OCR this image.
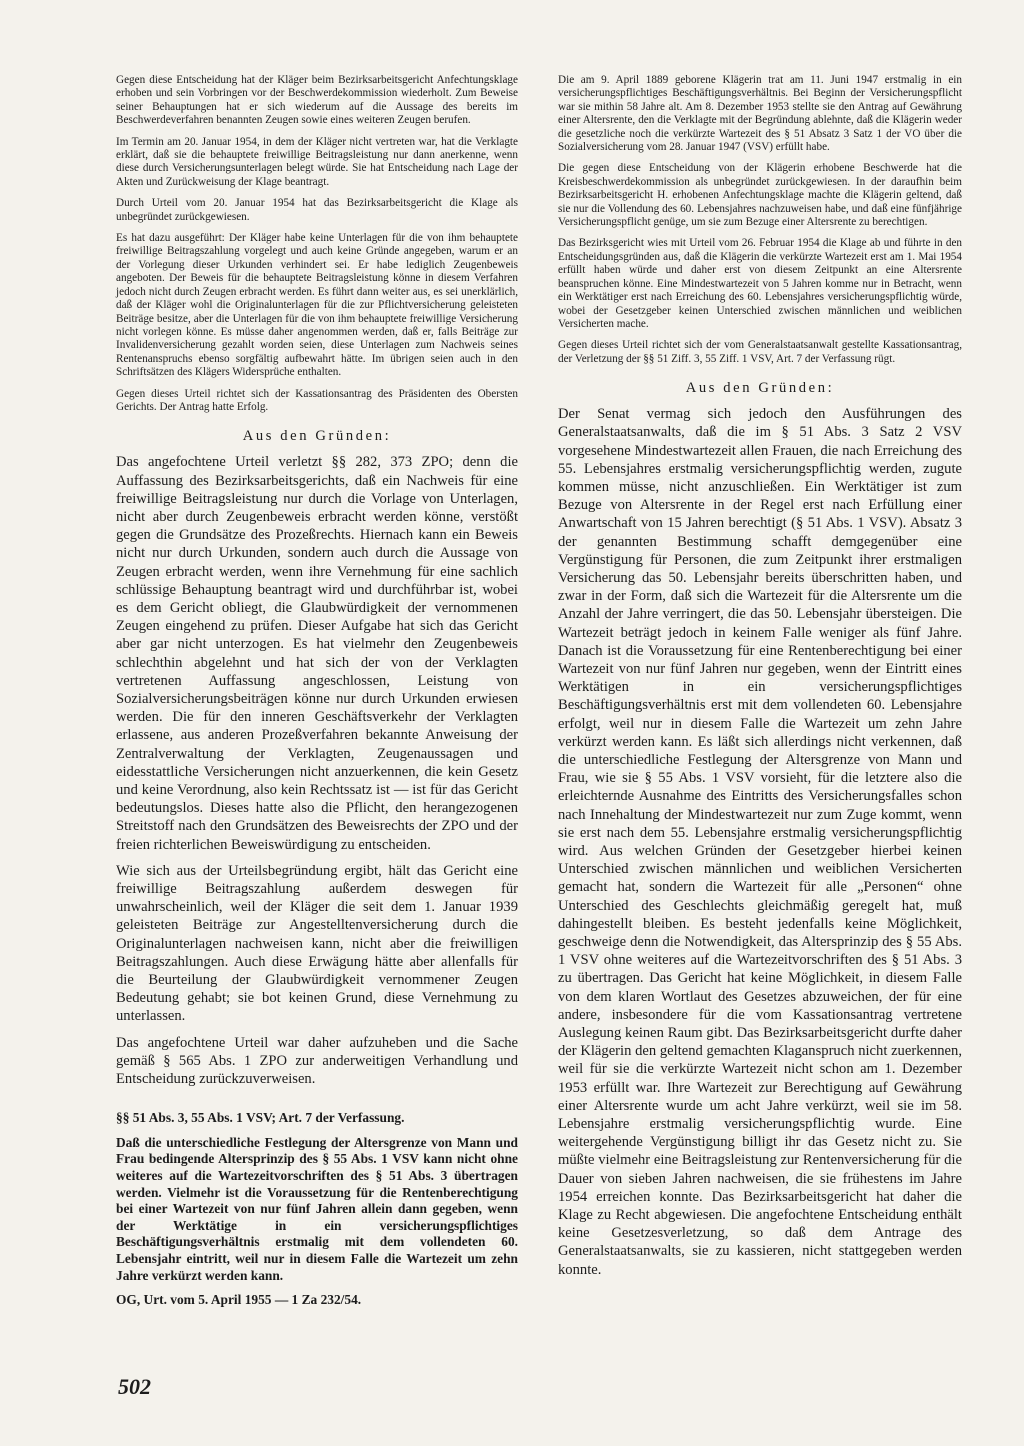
Gegen diese Entscheidung hat der Kläger beim Bezirksarbeitsgericht Anfechtungsklage erhoben und sein Vorbringen vor der Beschwerdekommission wiederholt. Zum Beweise seiner Behauptungen hat er sich wiederum auf die Aussage des bereits im Beschwerdeverfahren benannten Zeugen sowie eines weiteren Zeugen berufen.

Im Termin am 20. Januar 1954, in dem der Kläger nicht vertreten war, hat die Verklagte erklärt, daß sie die behauptete freiwillige Beitragsleistung nur dann anerkenne, wenn diese durch Versicherungsunterlagen belegt würde. Sie hat Entscheidung nach Lage der Akten und Zurückweisung der Klage beantragt.

Durch Urteil vom 20. Januar 1954 hat das Bezirksarbeitsgericht die Klage als unbegründet zurückgewiesen.

Es hat dazu ausgeführt: Der Kläger habe keine Unterlagen für die von ihm behauptete freiwillige Beitragszahlung vorgelegt und auch keine Gründe angegeben, warum er an der Vorlegung dieser Urkunden verhindert sei. Er habe lediglich Zeugenbeweis angeboten. Der Beweis für die behauptete Beitragsleistung könne in diesem Verfahren jedoch nicht durch Zeugen erbracht werden. Es führt dann weiter aus, es sei unerklärlich, daß der Kläger wohl die Originalunterlagen für die zur Pflichtversicherung geleisteten Beiträge besitze, aber die Unterlagen für die von ihm behauptete freiwillige Versicherung nicht vorlegen könne. Es müsse daher angenommen werden, daß er, falls Beiträge zur Invalidenversicherung gezahlt worden seien, diese Unterlagen zum Nachweis seines Rentenanspruchs ebenso sorgfältig aufbewahrt hätte. Im übrigen seien auch in den Schriftsätzen des Klägers Widersprüche enthalten.

Gegen dieses Urteil richtet sich der Kassationsantrag des Präsidenten des Obersten Gerichts. Der Antrag hatte Erfolg.

Aus den Gründen:

Das angefochtene Urteil verletzt §§ 282, 373 ZPO; denn die Auffassung des Bezirksarbeitsgerichts, daß ein Nachweis für eine freiwillige Beitragsleistung nur durch die Vorlage von Unterlagen, nicht aber durch Zeugenbeweis erbracht werden könne, verstößt gegen die Grundsätze des Prozeßrechts. Hiernach kann ein Beweis nicht nur durch Urkunden, sondern auch durch die Aussage von Zeugen erbracht werden, wenn ihre Vernehmung für eine sachlich schlüssige Behauptung beantragt wird und durchführbar ist, wobei es dem Gericht obliegt, die Glaubwürdigkeit der vernommenen Zeugen eingehend zu prüfen. Dieser Aufgabe hat sich das Gericht aber gar nicht unterzogen. Es hat vielmehr den Zeugenbeweis schlechthin abgelehnt und hat sich der von der Verklagten vertretenen Auffassung angeschlossen, Leistung von Sozialversicherungsbeiträgen könne nur durch Urkunden erwiesen werden. Die für den inneren Geschäftsverkehr der Verklagten erlassene, aus anderen Prozeßverfahren bekannte Anweisung der Zentralverwaltung der Verklagten, Zeugenaussagen und eidesstattliche Versicherungen nicht anzuerkennen, die kein Gesetz und keine Verordnung, also kein Rechtssatz ist — ist für das Gericht bedeutungslos. Dieses hatte also die Pflicht, den herangezogenen Streitstoff nach den Grundsätzen des Beweisrechts der ZPO und der freien richterlichen Beweiswürdigung zu entscheiden.

Wie sich aus der Urteilsbegründung ergibt, hält das Gericht eine freiwillige Beitragszahlung außerdem deswegen für unwahrscheinlich, weil der Kläger die seit dem 1. Januar 1939 geleisteten Beiträge zur Angestelltenversicherung durch die Originalunterlagen nachweisen kann, nicht aber die freiwilligen Beitragszahlungen. Auch diese Erwägung hätte aber allenfalls für die Beurteilung der Glaubwürdigkeit vernommener Zeugen Bedeutung gehabt; sie bot keinen Grund, diese Vernehmung zu unterlassen.

Das angefochtene Urteil war daher aufzuheben und die Sache gemäß § 565 Abs. 1 ZPO zur anderweitigen Verhandlung und Entscheidung zurückzuverweisen.

§§ 51 Abs. 3, 55 Abs. 1 VSV; Art. 7 der Verfassung.

Daß die unterschiedliche Festlegung der Altersgrenze von Mann und Frau bedingende Altersprinzip des § 55 Abs. 1 VSV kann nicht ohne weiteres auf die Wartezeitvorschriften des § 51 Abs. 3 übertragen werden. Vielmehr ist die Voraussetzung für die Rentenberechtigung bei einer Wartezeit von nur fünf Jahren allein dann gegeben, wenn der Werktätige in ein versicherungspflichtiges Beschäftigungsverhältnis erstmalig mit dem vollendeten 60. Lebensjahr eintritt, weil nur in diesem Falle die Wartezeit um zehn Jahre verkürzt werden kann.

OG, Urt. vom 5. April 1955 — 1 Za 232/54.

Die am 9. April 1889 geborene Klägerin trat am 11. Juni 1947 erstmalig in ein versicherungspflichtiges Beschäftigungsverhältnis. Bei Beginn der Versicherungspflicht war sie mithin 58 Jahre alt. Am 8. Dezember 1953 stellte sie den Antrag auf Gewährung einer Altersrente, den die Verklagte mit der Begründung ablehnte, daß die Klägerin weder die gesetzliche noch die verkürzte Wartezeit des § 51 Absatz 3 Satz 1 der VO über die Sozialversicherung vom 28. Januar 1947 (VSV) erfüllt habe.

Die gegen diese Entscheidung von der Klägerin erhobene Beschwerde hat die Kreisbeschwerdekommission als unbegründet zurückgewiesen. In der daraufhin beim Bezirksarbeitsgericht H. erhobenen Anfechtungsklage machte die Klägerin geltend, daß sie nur die Vollendung des 60. Lebensjahres nachzuweisen habe, und daß eine fünfjährige Versicherungspflicht genüge, um sie zum Bezuge einer Altersrente zu berechtigen.

Das Bezirksgericht wies mit Urteil vom 26. Februar 1954 die Klage ab und führte in den Entscheidungsgründen aus, daß die Klägerin die verkürzte Wartezeit erst am 1. Mai 1954 erfüllt haben würde und daher erst von diesem Zeitpunkt an eine Altersrente beanspruchen könne. Eine Mindestwartezeit von 5 Jahren komme nur in Betracht, wenn ein Werktätiger erst nach Erreichung des 60. Lebensjahres versicherungspflichtig würde, wobei der Gesetzgeber keinen Unterschied zwischen männlichen und weiblichen Versicherten mache.

Gegen dieses Urteil richtet sich der vom Generalstaatsanwalt gestellte Kassationsantrag, der Verletzung der §§ 51 Ziff. 3, 55 Ziff. 1 VSV, Art. 7 der Verfassung rügt.

Aus den Gründen:

Der Senat vermag sich jedoch den Ausführungen des Generalstaatsanwalts, daß die im § 51 Abs. 3 Satz 2 VSV vorgesehene Mindestwartezeit allen Frauen, die nach Erreichung des 55. Lebensjahres erstmalig versicherungspflichtig werden, zugute kommen müsse, nicht anzuschließen. Ein Werktätiger ist zum Bezuge von Altersrente in der Regel erst nach Erfüllung einer Anwartschaft von 15 Jahren berechtigt (§ 51 Abs. 1 VSV). Absatz 3 der genannten Bestimmung schafft demgegenüber eine Vergünstigung für Personen, die zum Zeitpunkt ihrer erstmaligen Versicherung das 50. Lebensjahr bereits überschritten haben, und zwar in der Form, daß sich die Wartezeit für die Altersrente um die Anzahl der Jahre verringert, die das 50. Lebensjahr übersteigen. Die Wartezeit beträgt jedoch in keinem Falle weniger als fünf Jahre. Danach ist die Voraussetzung für eine Rentenberechtigung bei einer Wartezeit von nur fünf Jahren nur gegeben, wenn der Eintritt eines Werktätigen in ein versicherungspflichtiges Beschäftigungsverhältnis erst mit dem vollendeten 60. Lebensjahre erfolgt, weil nur in diesem Falle die Wartezeit um zehn Jahre verkürzt werden kann. Es läßt sich allerdings nicht verkennen, daß die unterschiedliche Festlegung der Altersgrenze von Mann und Frau, wie sie § 55 Abs. 1 VSV vorsieht, für die letztere also die erleichternde Ausnahme des Eintritts des Versicherungsfalles schon nach Innehaltung der Mindestwartezeit nur zum Zuge kommt, wenn sie erst nach dem 55. Lebensjahre erstmalig versicherungspflichtig wird. Aus welchen Gründen der Gesetzgeber hierbei keinen Unterschied zwischen männlichen und weiblichen Versicherten gemacht hat, sondern die Wartezeit für alle „Personen“ ohne Unterschied des Geschlechts gleichmäßig geregelt hat, muß dahingestellt bleiben. Es besteht jedenfalls keine Möglichkeit, geschweige denn die Notwendigkeit, das Altersprinzip des § 55 Abs. 1 VSV ohne weiteres auf die Wartezeitvorschriften des § 51 Abs. 3 zu übertragen. Das Gericht hat keine Möglichkeit, in diesem Falle von dem klaren Wortlaut des Gesetzes abzuweichen, der für eine andere, insbesondere für die vom Kassationsantrag vertretene Auslegung keinen Raum gibt. Das Bezirksarbeitsgericht durfte daher der Klägerin den geltend gemachten Klaganspruch nicht zuerkennen, weil für sie die verkürzte Wartezeit nicht schon am 1. Dezember 1953 erfüllt war. Ihre Wartezeit zur Berechtigung auf Gewährung einer Altersrente wurde um acht Jahre verkürzt, weil sie im 58. Lebensjahre erstmalig versicherungspflichtig wurde. Eine weitergehende Vergünstigung billigt ihr das Gesetz nicht zu. Sie müßte vielmehr eine Beitragsleistung zur Rentenversicherung für die Dauer von sieben Jahren nachweisen, die sie frühestens im Jahre 1954 erreichen konnte. Das Bezirksarbeitsgericht hat daher die Klage zu Recht abgewiesen. Die angefochtene Entscheidung enthält keine Gesetzesverletzung, so daß dem Antrage des Generalstaatsanwalts, sie zu kassieren, nicht stattgegeben werden konnte.

502
